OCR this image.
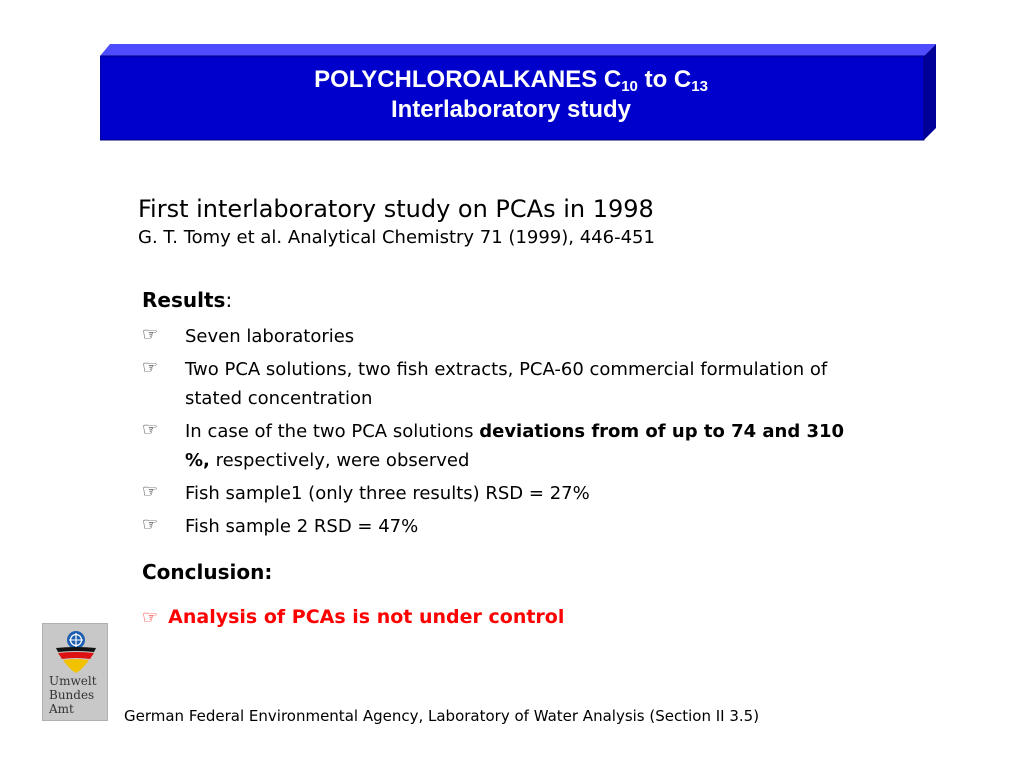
POLYCHLOROALKANES $C_{10}$ to $C_{13}$
Interlaboratory study
First interlaboratory study on PCAs in 1998
G. T. Tomy et al. Analytical Chemistry 71 (1999), 446-451
Results:
☞ Seven laboratories
☞ Two PCA solutions, two fish extracts, PCA-60 commercial formulation of stated concentration
☞ In case of the two PCA solutions deviations from of up to 74 and 310 %, respectively, were observed
☞ Fish sample1 (only three results) RSD = 27%
☞ Fish sample 2 RSD = 47%
Conclusion:
☞ Analysis of PCAs is not under control
Umwelt
Bundes
Amt	German Federal Environmental Agency, Laboratory of Water Analysis (Section II 3.5)
